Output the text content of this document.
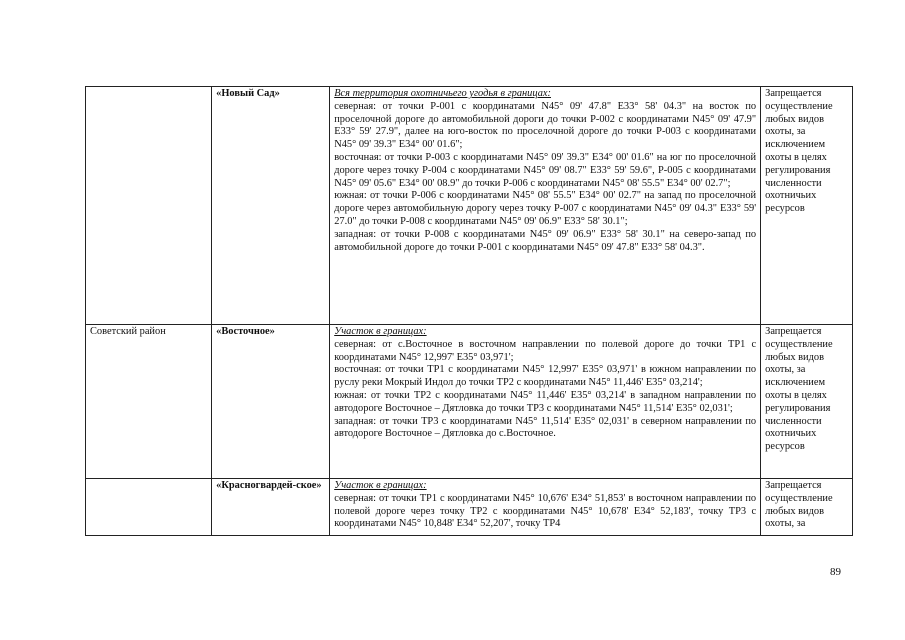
	«Новый Сад»	Вся территория охотничьего угодья в границах:
северная: от точки Р-001 с координатами N45° 09' 47.8" E33° 58' 04.3" на восток по проселочной дороге до автомобильной дороги до точки Р-002 с координатами N45° 09' 47.9" E33° 59' 27.9", далее на юго-восток по проселочной дороге до точки Р-003 с координатами N45° 09' 39.3" E34° 00' 01.6";
восточная: от точки Р-003 с координатами N45° 09' 39.3" E34° 00' 01.6" на юг по проселочной дороге через точку Р-004 с координатами N45° 09' 08.7" E33° 59' 59.6", Р-005 с координатами N45° 09' 05.6" E34° 00' 08.9" до точки Р-006 с координатами N45° 08' 55.5" E34° 00' 02.7";
южная: от точки Р-006 с координатами N45° 08' 55.5" E34° 00' 02.7" на запад по проселочной дороге через автомобильную дорогу через точку Р-007 с координатами N45° 09' 04.3" E33° 59' 27.0" до точки Р-008 с координатами N45° 09' 06.9" E33° 58' 30.1";
западная: от точки Р-008 с координатами N45° 09' 06.9" E33° 58' 30.1" на северо-запад по автомобильной дороге до точки Р-001 с координатами N45° 09' 47.8" E33° 58' 04.3".	Запрещается осуществление любых видов охоты, за исключением охоты в целях регулирования численности охотничьих ресурсов
Советский район	«Восточное»	Участок в границах:
северная: от с.Восточное в восточном направлении по полевой дороге до точки ТР1 с координатами N45° 12,997' E35° 03,971';
восточная: от точки ТР1 с координатами N45° 12,997' E35° 03,971' в южном направлении по руслу реки Мокрый Индол до точки ТР2 с координатами N45° 11,446' E35° 03,214';
южная: от точки ТР2 с координатами N45° 11,446' E35° 03,214' в западном направлении по автодороге Восточное – Дятловка до точки ТР3 с координатами N45° 11,514' E35° 02,031';
западная: от точки ТР3 с координатами N45° 11,514' E35° 02,031' в северном направлении по автодороге Восточное – Дятловка до с.Восточное.	Запрещается осуществление любых видов охоты, за исключением охоты в целях регулирования численности охотничьих ресурсов
	«Красногвардей-ское»	Участок в границах:
северная: от точки ТР1 с координатами N45° 10,676' E34° 51,853' в восточном направлении по полевой дороге через точку ТР2 с координатами N45° 10,678' E34° 52,183', точку ТР3 с координатами N45° 10,848' E34° 52,207', точку ТР4	Запрещается осуществление любых видов охоты, за
89
